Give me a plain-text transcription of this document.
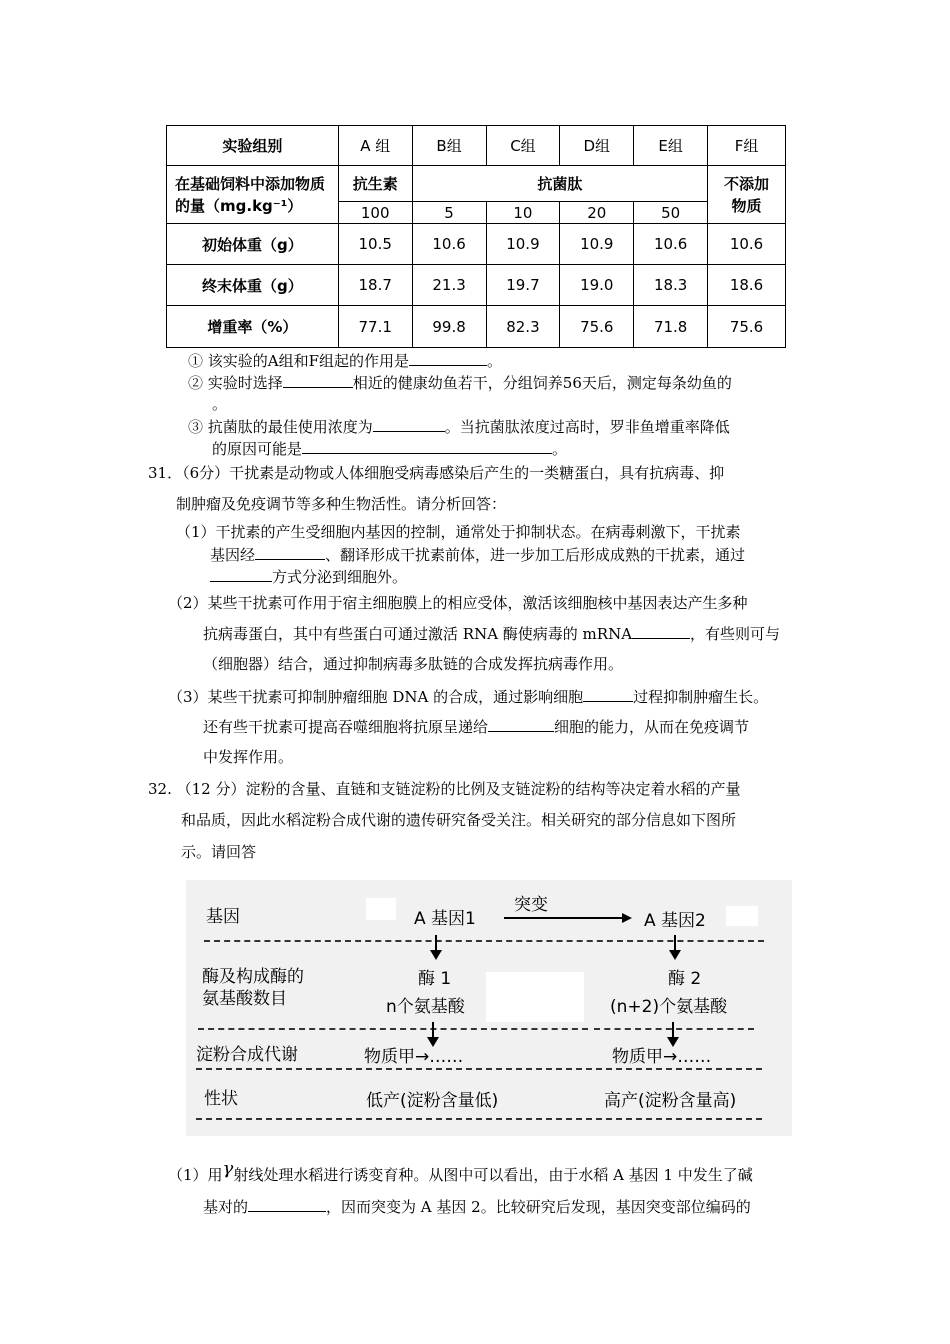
实验组别	A 组	B组	C组	D组	E组	F组
在基础饲料中添加物质的量（mg.kg⁻¹）	抗生素	抗菌肽				不添加物质
	100	5	10	20	50	
初始体重（g）	10.5	10.6	10.9	10.9	10.6	10.6
终末体重（g）	18.7	21.3	19.7	19.0	18.3	18.6
增重率（%）	77.1	99.8	82.3	75.6	71.8	75.6
① 该实验的A组和F组起的作用是	。
② 实验时选择	相近的健康幼鱼若干，分组饲养56天后，测定每条幼鱼的
。
③ 抗菌肽的最佳使用浓度为	。当抗菌肽浓度过高时，罗非鱼增重率降低
的原因可能是	。
31．（6分）干扰素是动物或人体细胞受病毒感染后产生的一类糖蛋白，具有抗病毒、抑
制肿瘤及免疫调节等多种生物活性。请分析回答：
（1）干扰素的产生受细胞内基因的控制，通常处于抑制状态。在病毒刺激下，干扰素
基因经	、翻译形成干扰素前体，进一步加工后形成成熟的干扰素，通过
方式分泌到细胞外。
（2）某些干扰素可作用于宿主细胞膜上的相应受体，激活该细胞核中基因表达产生多种
抗病毒蛋白，其中有些蛋白可通过激活 RNA 酶使病毒的 mRNA	，有些则可与
（细胞器）结合，通过抑制病毒多肽链的合成发挥抗病毒作用。
（3）某些干扰素可抑制肿瘤细胞 DNA 的合成，通过影响细胞	过程抑制肿瘤生长。
还有些干扰素可提高吞噬细胞将抗原呈递给	细胞的能力，从而在免疫调节
中发挥作用。
32. （12 分）淀粉的含量、直链和支链淀粉的比例及支链淀粉的结构等决定着水稻的产量
和品质，因此水稻淀粉合成代谢的遗传研究备受关注。相关研究的部分信息如下图所
示。请回答
基因	A 基因1
突变
A 基因2
酶及构成酶的
氨基酸数目
酶 1
n个氨基酸
酶 2
(n+2)个氨基酸
淀粉合成代谢	物质甲→……	物质甲→……
性状	低产(淀粉含量低)	高产(淀粉含量高)
（1）用γ射线处理水稻进行诱变育种。从图中可以看出，由于水稻 A 基因 1 中发生了碱
基对的	，因而突变为 A 基因 2。比较研究后发现，基因突变部位编码的
